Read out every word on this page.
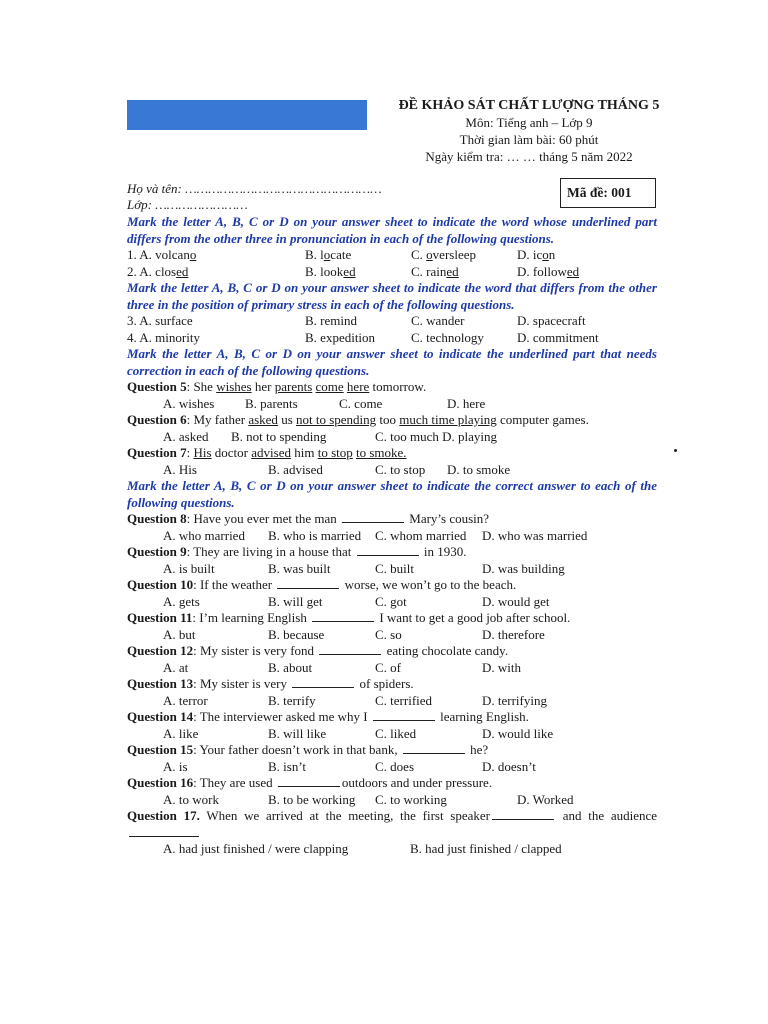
ĐỀ KHẢO SÁT CHẤT LƯỢNG THÁNG 5
Môn: Tiếng anh – Lớp 9
Thời gian làm bài: 60 phút
Ngày kiểm tra: … … tháng 5 năm 2022
Mã đề: 001
Họ và tên: ……………………………………………
Lớp: ……………………
Mark the letter A, B, C or D on your answer sheet to indicate the word whose underlined part differs from the other three in pronunciation in each of the following questions.
1. A. volcano	B. locate	C. oversleep	D. icon
2. A. closed	B. looked	C. rained	D. followed
Mark the letter A, B, C or D on your answer sheet to indicate the word that differs from the other three in the position of primary stress in each of the following questions.
3. A. surface	B. remind	C. wander	D. spacecraft
4. A. minority	B. expedition	C. technology	D. commitment
Mark the letter A, B, C or D on your answer sheet to indicate the underlined part that needs correction in each of the following questions.
Question 5: She wishes her parents come here tomorrow.
A. wishes B. parents	C. come	D. here
Question 6: My father asked us not to spending too much time playing computer games.
A. asked B. not to spending	C. too much D. playing
Question 7: His doctor advised him to stop to smoke.
A. His	B. advised	C. to stop D. to smoke
Mark the letter A, B, C or D on your answer sheet to indicate the correct answer to each of the following questions.
Question 8: Have you ever met the man	Mary’s cousin?
A. who married B. who is married C. whom married D. who was married
Question 9: They are living in a house that	in 1930.
A. is built	B. was built	C. built	D. was building
Question 10: If the weather	worse, we won’t go to the beach.
A. gets	B. will get	C. got	D. would get
Question 11: I’m learning English	I want to get a good job after school.
A. but	B. because	C. so	D. therefore
Question 12: My sister is very fond	eating chocolate candy.
A. at	B. about	C. of	D. with
Question 13: My sister is very	of spiders.
A. terror	B. terrify	C. terrified	D. terrifying
Question 14: The interviewer asked me why I	learning English.
A. like	B. will like	C. liked	D. would like
Question 15: Your father doesn’t work in that bank,	he?
A. is	B. isn’t	C. does	D. doesn’t
Question 16: They are used	outdoors and under pressure.
A. to work	B. to be working C. to working	D. Worked
Question 17. When we arrived at the meeting, the first speaker	and the audience
A. had just finished / were clapping	B. had just finished / clapped
